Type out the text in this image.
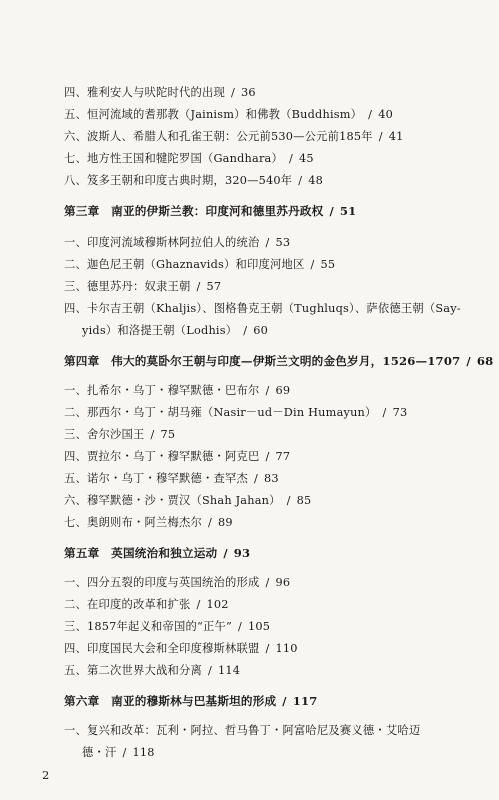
四、雅利安人与吠陀时代的出现 / 36
五、恒河流域的耆那教（Jainism）和佛教（Buddhism） / 40
六、波斯人、希腊人和孔雀王朝：公元前530—公元前185年 / 41
七、地方性王国和犍陀罗国（Gandhara） / 45
八、笈多王朝和印度古典时期，320—540年 / 48
第三章　南亚的伊斯兰教：印度河和德里苏丹政权 / 51
一、印度河流域穆斯林阿拉伯人的统治 / 53
二、迦色尼王朝（Ghaznavids）和印度河地区 / 55
三、德里苏丹：奴隶王朝 / 57
四、卡尔吉王朝（Khaljis）、图格鲁克王朝（Tughluqs）、萨依德王朝（Say-
yids）和洛提王朝（Lodhis） / 60
第四章　伟大的莫卧尔王朝与印度—伊斯兰文明的金色岁月，1526—1707 / 68
一、扎希尔・乌丁・穆罕默德・巴布尔 / 69
二、那西尔・乌丁・胡马雍（Nasir－ud－Din Humayun） / 73
三、舍尔沙国王 / 75
四、贾拉尔・乌丁・穆罕默德・阿克巴 / 77
五、诺尔・乌丁・穆罕默德・查罕杰 / 83
六、穆罕默德・沙・贾汉（Shah Jahan） / 85
七、奥朗则布・阿兰梅杰尔 / 89
第五章　英国统治和独立运动 / 93
一、四分五裂的印度与英国统治的形成 / 96
二、在印度的改革和扩张 / 102
三、1857年起义和帝国的“正午” / 105
四、印度国民大会和全印度穆斯林联盟 / 110
五、第二次世界大战和分离 / 114
第六章　南亚的穆斯林与巴基斯坦的形成 / 117
一、复兴和改革：瓦利・阿拉、哲马鲁丁・阿富哈尼及赛义德・艾哈迈
德・汗 / 118
2
